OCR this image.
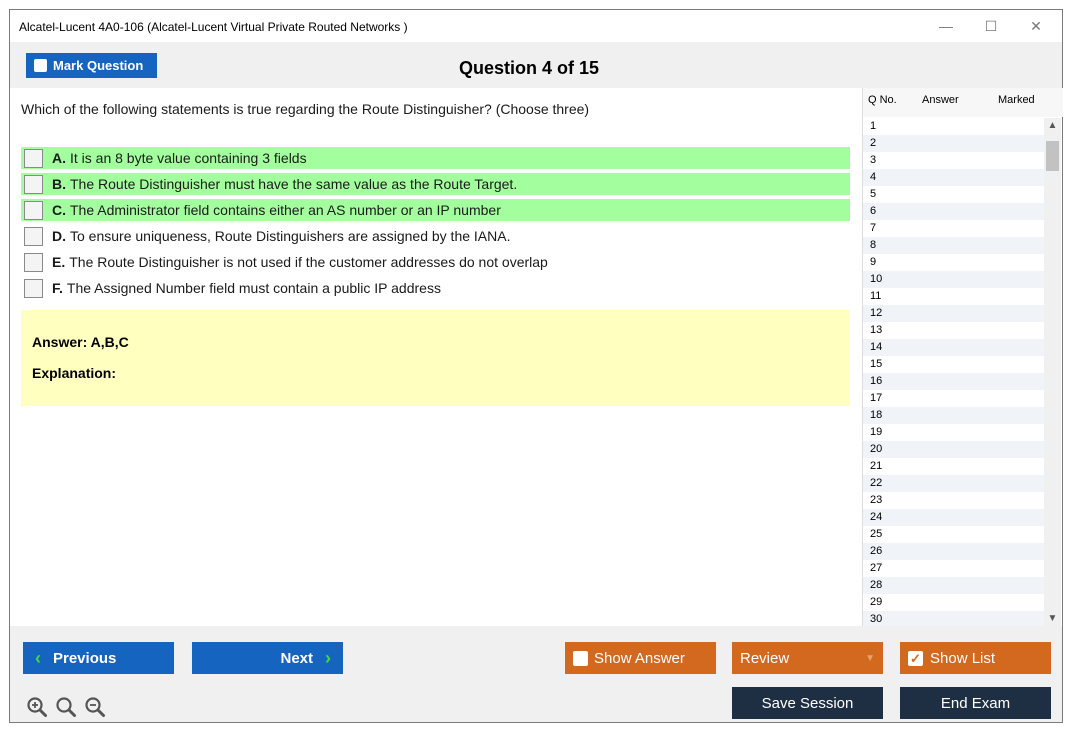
Alcatel-Lucent 4A0-106 (Alcatel-Lucent Virtual Private Routed Networks )	— ☐ ✕
Mark Question	Question 4 of 15
Which of the following statements is true regarding the Route Distinguisher? (Choose three)
A. It is an 8 byte value containing 3 fields
B. The Route Distinguisher must have the same value as the Route Target.
C. The Administrator field contains either an AS number or an IP number
D. To ensure uniqueness, Route Distinguishers are assigned by the IANA.
E. The Route Distinguisher is not used if the customer addresses do not overlap
F. The Assigned Number field must contain a public IP address
Answer: A,B,C
Explanation:
Q No. Answer	Marked
1
2
3
4
5
6
7
8
9
10
11
12
13
14
15
16
17
18
19
20
21
22
23
24
25
26
27
28
29
30
▲
▼
‹ Previous	Next ›	Show Answer	Review	▼	✓ Show List
Save Session	End Exam
